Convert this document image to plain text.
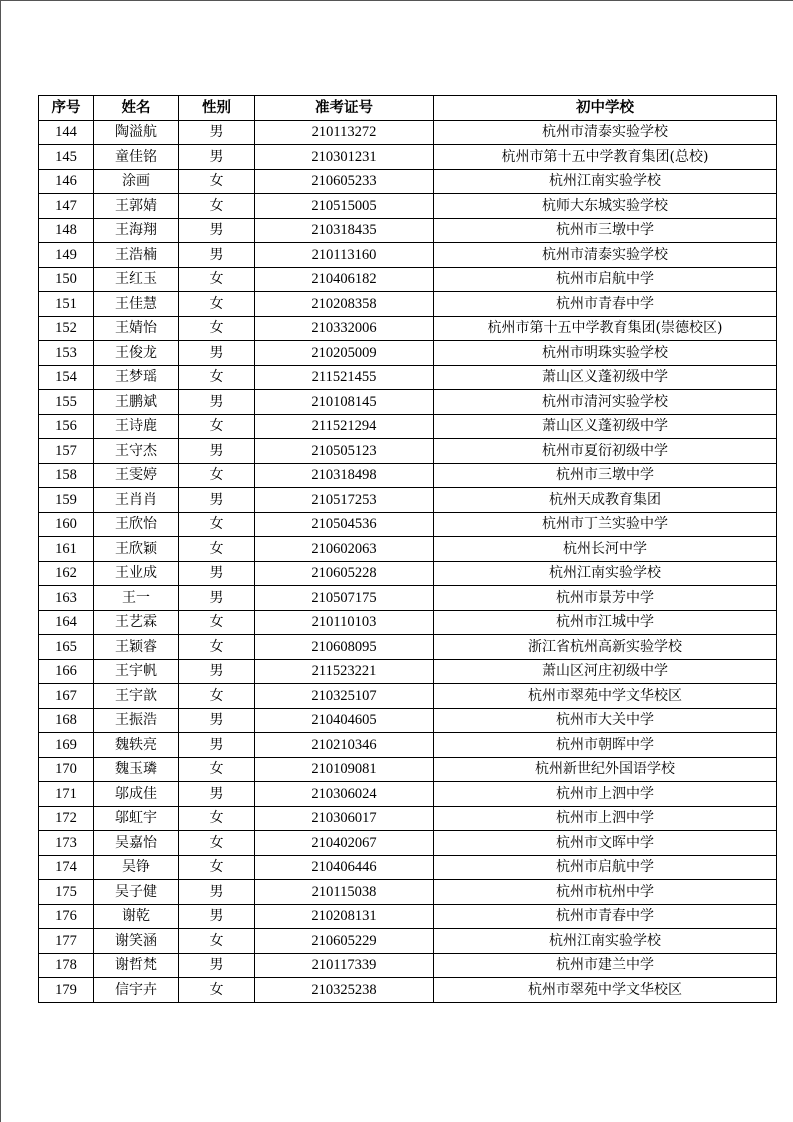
序号	姓名	性别	准考证号	初中学校
144	陶溢航	男	210113272	杭州市清泰实验学校
145	童佳铭	男	210301231	杭州市第十五中学教育集团(总校)
146	涂画	女	210605233	杭州江南实验学校
147	王郭婧	女	210515005	杭师大东城实验学校
148	王海翔	男	210318435	杭州市三墩中学
149	王浩楠	男	210113160	杭州市清泰实验学校
150	王红玉	女	210406182	杭州市启航中学
151	王佳慧	女	210208358	杭州市青春中学
152	王婧怡	女	210332006	杭州市第十五中学教育集团(崇德校区)
153	王俊龙	男	210205009	杭州市明珠实验学校
154	王梦瑶	女	211521455	萧山区义蓬初级中学
155	王鹏斌	男	210108145	杭州市清河实验学校
156	王诗鹿	女	211521294	萧山区义蓬初级中学
157	王守杰	男	210505123	杭州市夏衍初级中学
158	王雯婷	女	210318498	杭州市三墩中学
159	王肖肖	男	210517253	杭州天成教育集团
160	王欣怡	女	210504536	杭州市丁兰实验中学
161	王欣颖	女	210602063	杭州长河中学
162	王业成	男	210605228	杭州江南实验学校
163	王一	男	210507175	杭州市景芳中学
164	王艺霖	女	210110103	杭州市江城中学
165	王颖睿	女	210608095	浙江省杭州高新实验学校
166	王宇帆	男	211523221	萧山区河庄初级中学
167	王宇歆	女	210325107	杭州市翠苑中学文华校区
168	王振浩	男	210404605	杭州市大关中学
169	魏轶亮	男	210210346	杭州市朝晖中学
170	魏玉璘	女	210109081	杭州新世纪外国语学校
171	邬成佳	男	210306024	杭州市上泗中学
172	邬虹宇	女	210306017	杭州市上泗中学
173	吴嘉怡	女	210402067	杭州市文晖中学
174	吴铮	女	210406446	杭州市启航中学
175	吴子健	男	210115038	杭州市杭州中学
176	谢乾	男	210208131	杭州市青春中学
177	谢笑涵	女	210605229	杭州江南实验学校
178	谢哲梵	男	210117339	杭州市建兰中学
179	信宇卉	女	210325238	杭州市翠苑中学文华校区
